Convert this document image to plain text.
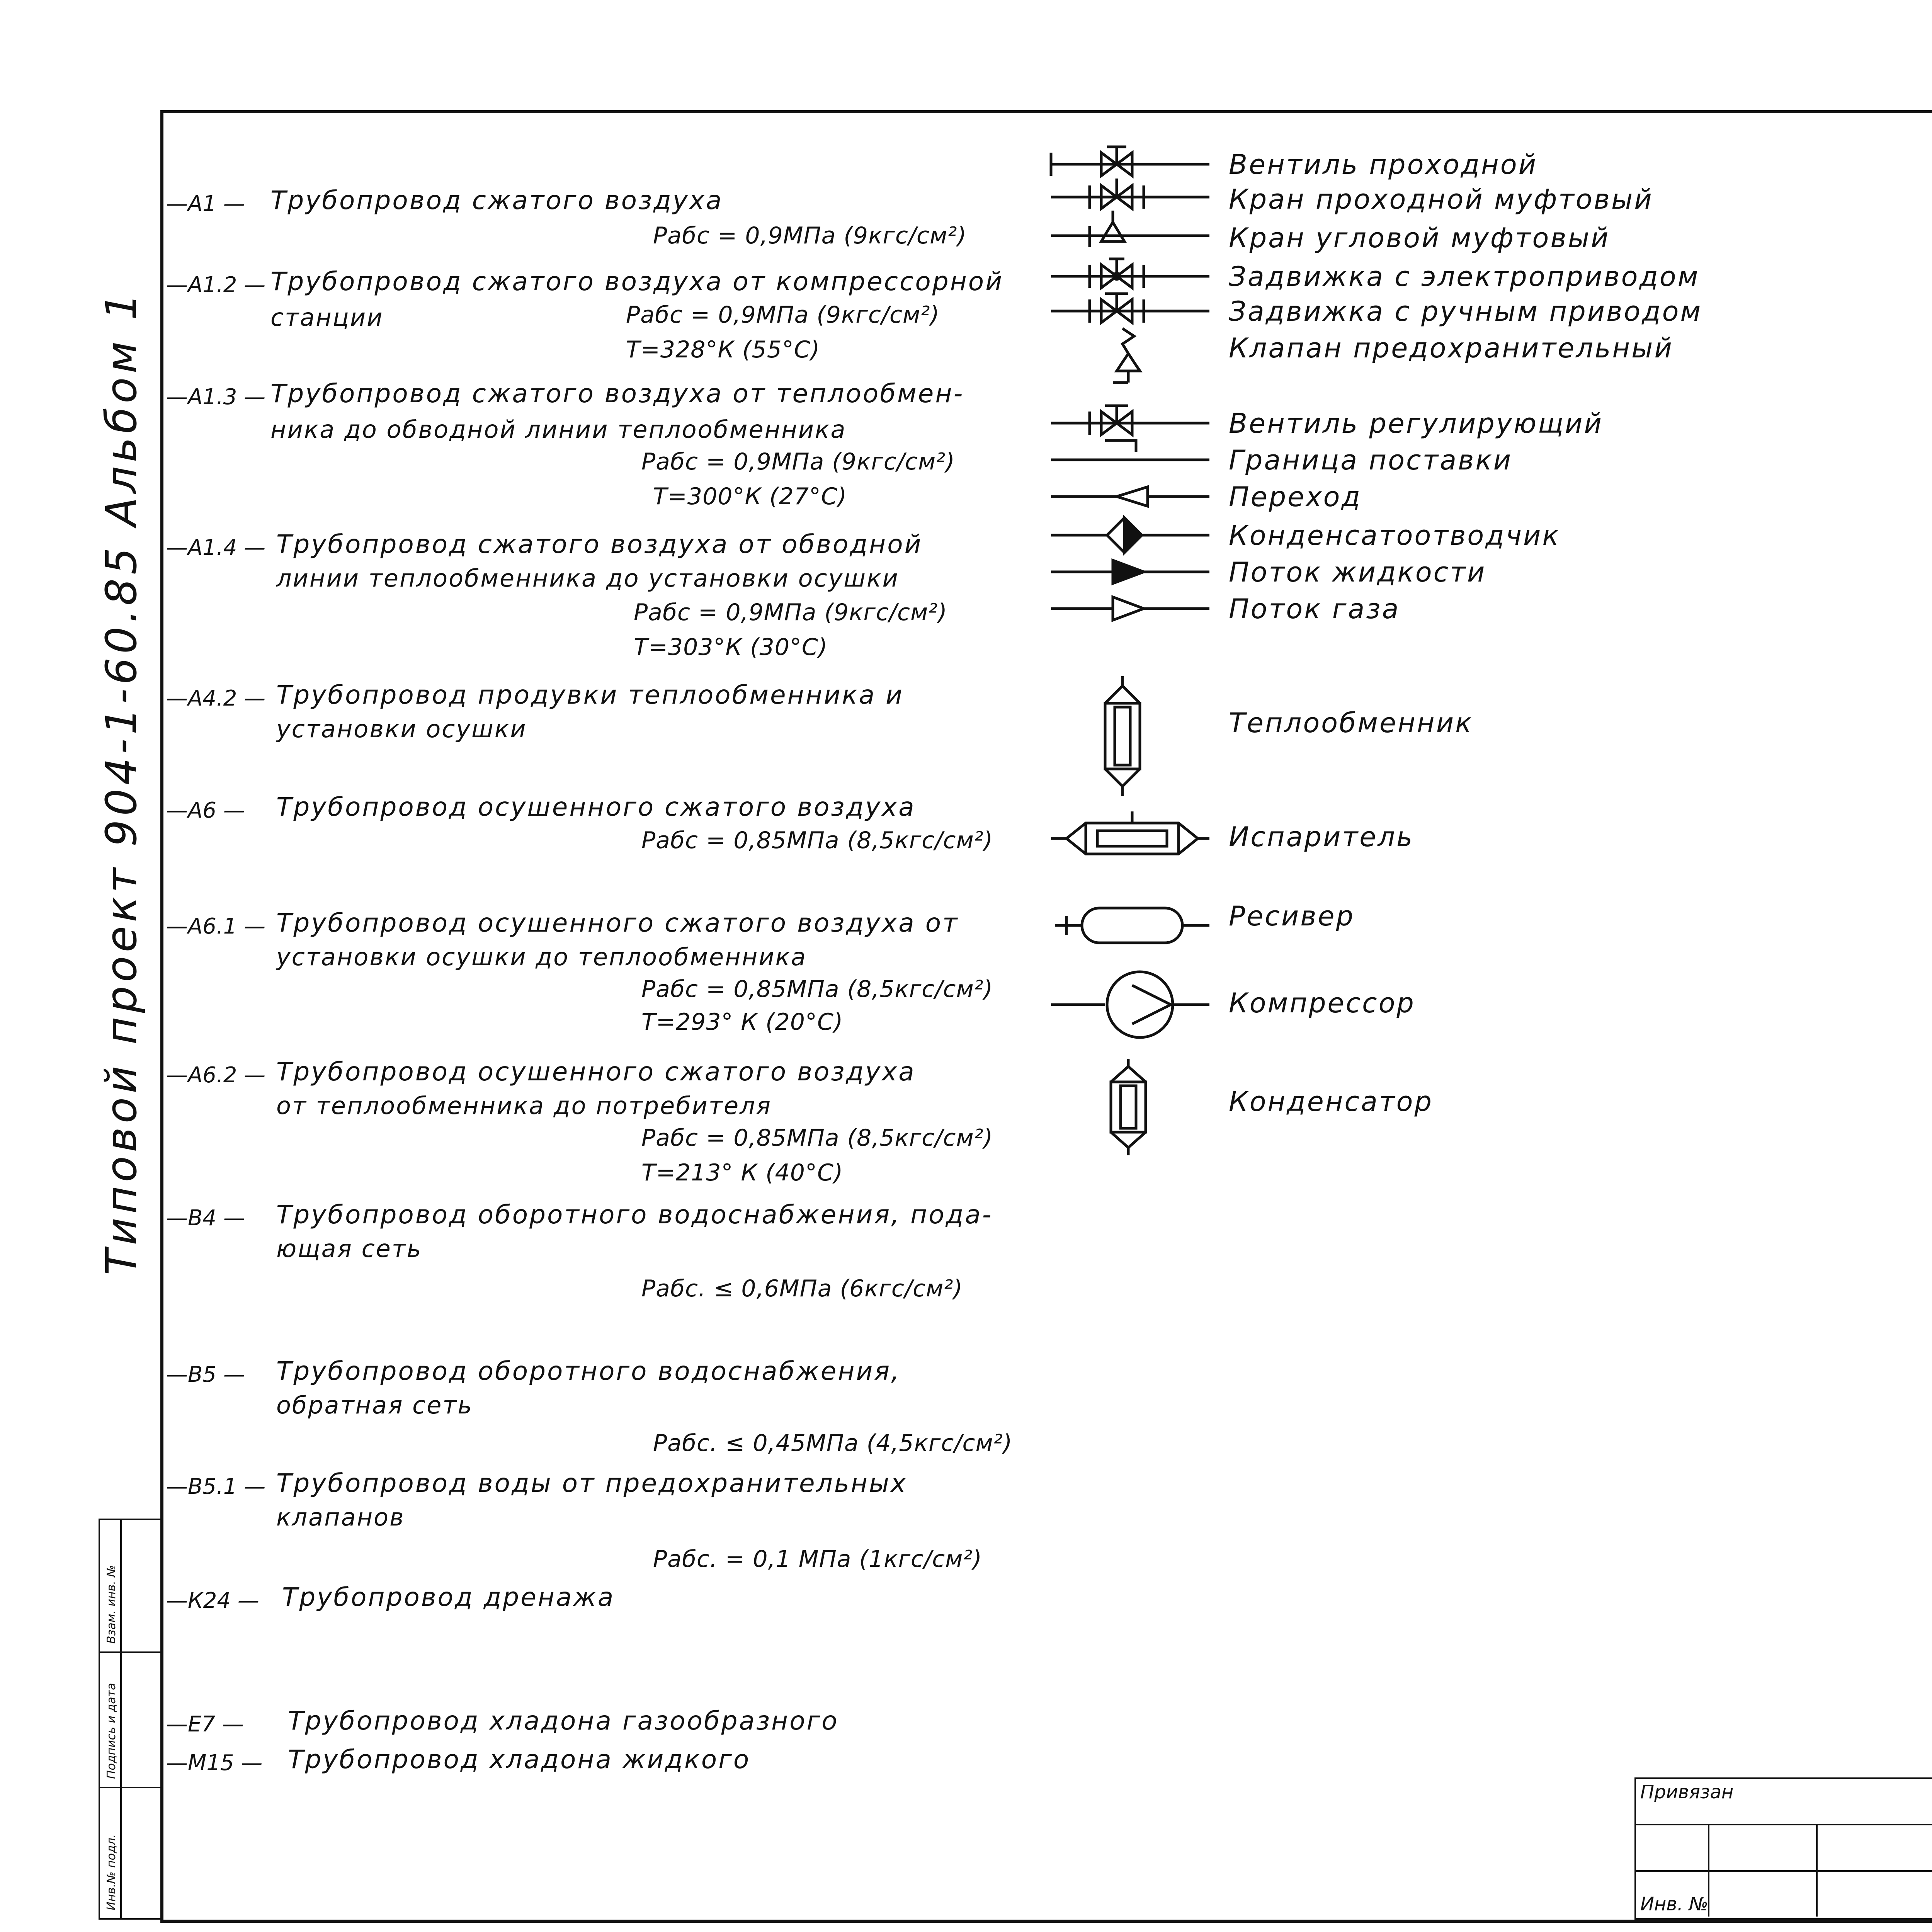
Типовой проект 904-1-60.85 Альбом 1
Взам. инв. №
Подпись и дата
Инв.№ подл.
—А1 — Трубопровод сжатого воздуха
Рабс = 0,9МПа (9кгс/см²)
—А1.2 — Трубопровод сжатого воздуха от компрессорной
станции	Рабс = 0,9МПа (9кгс/см²)
Т=328°К (55°С)
—А1.3 — Трубопровод сжатого воздуха от теплообмен-
ника до обводной линии теплообменника
Рабс = 0,9МПа (9кгс/см²)
Т=300°К (27°С)
—А1.4 — Трубопровод сжатого воздуха от обводной
линии теплообменника до установки осушки
Рабс = 0,9МПа (9кгс/см²)
Т=303°К (30°С)
—А4.2 — Трубопровод продувки теплообменника и
установки осушки
—А6 — Трубопровод осушенного сжатого воздуха
Рабс = 0,85МПа (8,5кгс/см²)
—А6.1 — Трубопровод осушенного сжатого воздуха от
установки осушки до теплообменника
Рабс = 0,85МПа (8,5кгс/см²)
Т=293° К (20°С)
—А6.2 — Трубопровод осушенного сжатого воздуха
от теплообменника до потребителя
Рабс = 0,85МПа (8,5кгс/см²)
Т=213° К (40°С)
—В4 — Трубопровод оборотного водоснабжения, пода-
ющая сеть
Рабс. ≤ 0,6МПа (6кгс/см²)
—В5 — Трубопровод оборотного водоснабжения,
обратная сеть
Рабс. ≤ 0,45МПа (4,5кгс/см²)
—В5.1 — Трубопровод воды от предохранительных
клапанов
Рабс. = 0,1 МПа (1кгс/см²)
—К24 — Трубопровод дренажа
—Е7 — Трубопровод хладона газообразного
—М15 — Трубопровод хладона жидкого
Вентиль проходной
Кран проходной муфтовый
Кран угловой муфтовый
Задвижка с электроприводом
Задвижка с ручным приводом
Клапан предохранительный
Вентиль регулирующий
Граница поставки
Переход
Конденсатоотводчик
Поток жидкости
Поток газа
Теплообменник
Испаритель
Ресивер
Компрессор
Конденсатор
Привязан
Инв. №
